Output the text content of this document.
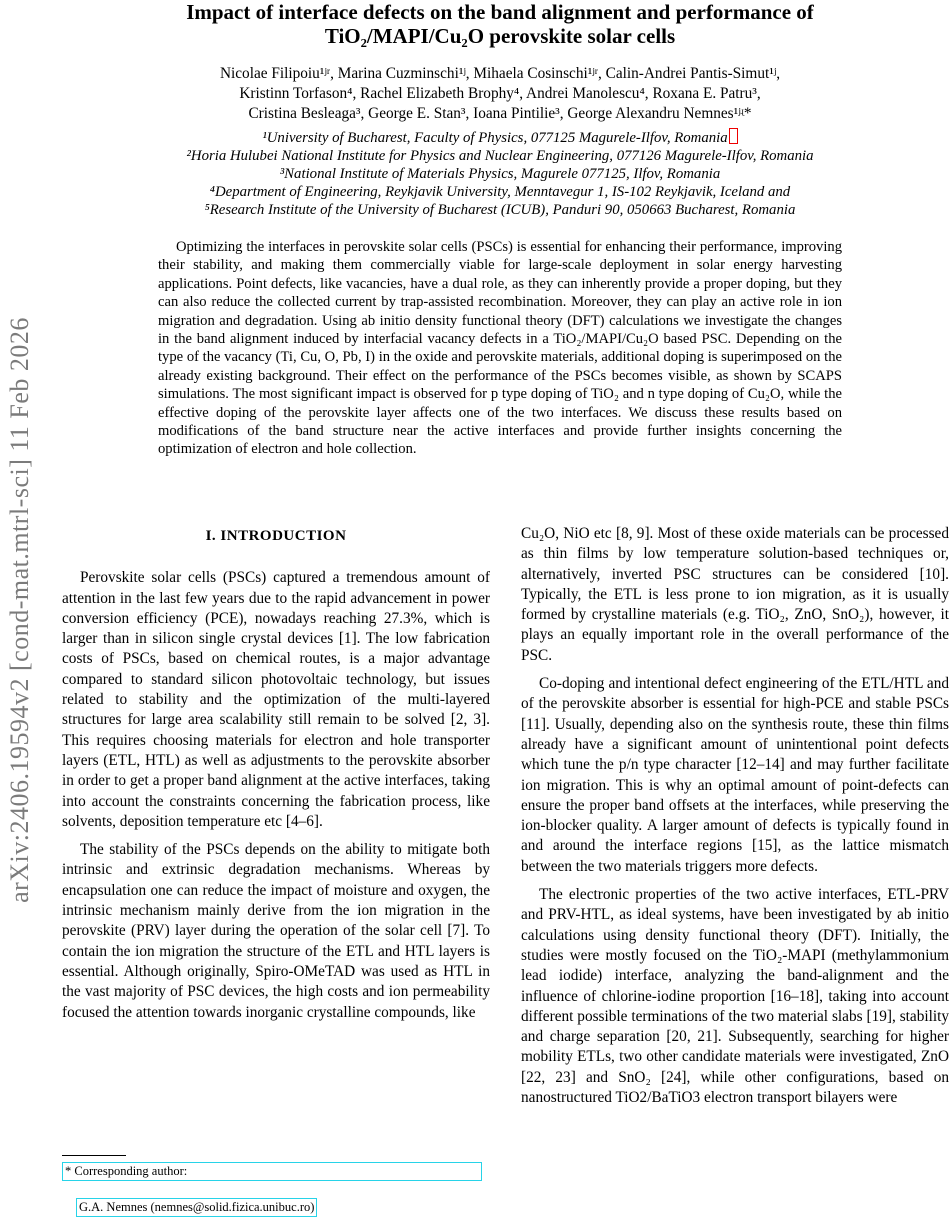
arXiv:2406.19594v2 [cond-mat.mtrl-sci] 11 Feb 2026
Impact of interface defects on the band alignment and performance of
TiO₂/MAPI/Cu₂O perovskite solar cells
Nicolae Filipoiu¹ʲʳ, Marina Cuzminschi¹ʲ, Mihaela Cosinschi¹ʲʳ, Calin-Andrei Pantis-Simut¹ʲ,
Kristinn Torfason⁴, Rachel Elizabeth Brophy⁴, Andrei Manolescu⁴, Roxana E. Patru³,
Cristina Besleaga³, George E. Stan³, Ioana Pintilie³, George Alexandru Nemnes¹ʲʵ*
¹University of Bucharest, Faculty of Physics, 077125 Magurele-Ilfov, Romania
²Horia Hulubei National Institute for Physics and Nuclear Engineering, 077126 Magurele-Ilfov, Romania
³National Institute of Materials Physics, Magurele 077125, Ilfov, Romania
⁴Department of Engineering, Reykjavik University, Menntavegur 1, IS-102 Reykjavik, Iceland and
⁵Research Institute of the University of Bucharest (ICUB), Panduri 90, 050663 Bucharest, Romania
Optimizing the interfaces in perovskite solar cells (PSCs) is essential for enhancing their performance, improving their stability, and making them commercially viable for large-scale deployment in solar energy harvesting applications. Point defects, like vacancies, have a dual role, as they can inherently provide a proper doping, but they can also reduce the collected current by trap-assisted recombination. Moreover, they can play an active role in ion migration and degradation. Using ab initio density functional theory (DFT) calculations we investigate the changes in the band alignment induced by interfacial vacancy defects in a TiO₂/MAPI/Cu₂O based PSC. Depending on the type of the vacancy (Ti, Cu, O, Pb, I) in the oxide and perovskite materials, additional doping is superimposed on the already existing background. Their effect on the performance of the PSCs becomes visible, as shown by SCAPS simulations. The most significant impact is observed for p type doping of TiO₂ and n type doping of Cu₂O, while the effective doping of the perovskite layer affects one of the two interfaces. We discuss these results based on modifications of the band structure near the active interfaces and provide further insights concerning the optimization of electron and hole collection.
I. INTRODUCTION

Perovskite solar cells (PSCs) captured a tremendous amount of attention in the last few years due to the rapid advancement in power conversion efficiency (PCE), nowadays reaching 27.3%, which is larger than in silicon single crystal devices [1]. The low fabrication costs of PSCs, based on chemical routes, is a major advantage compared to standard silicon photovoltaic technology, but issues related to stability and the optimization of the multi-layered structures for large area scalability still remain to be solved [2, 3]. This requires choosing materials for electron and hole transporter layers (ETL, HTL) as well as adjustments to the perovskite absorber in order to get a proper band alignment at the active interfaces, taking into account the constraints concerning the fabrication process, like solvents, deposition temperature etc [4–6].

The stability of the PSCs depends on the ability to mitigate both intrinsic and extrinsic degradation mechanisms. Whereas by encapsulation one can reduce the impact of moisture and oxygen, the intrinsic mechanism mainly derive from the ion migration in the perovskite (PRV) layer during the operation of the solar cell [7]. To contain the ion migration the structure of the ETL and HTL layers is essential. Although originally, Spiro-OMeTAD was used as HTL in the vast majority of PSC devices, the high costs and ion permeability focused the attention towards inorganic crystalline compounds, like

Cu₂O, NiO etc [8, 9]. Most of these oxide materials can be processed as thin films by low temperature solution-based techniques or, alternatively, inverted PSC structures can be considered [10]. Typically, the ETL is less prone to ion migration, as it is usually formed by crystalline materials (e.g. TiO₂, ZnO, SnO₂), however, it plays an equally important role in the overall performance of the PSC.

Co-doping and intentional defect engineering of the ETL/HTL and of the perovskite absorber is essential for high-PCE and stable PSCs [11]. Usually, depending also on the synthesis route, these thin films already have a significant amount of unintentional point defects which tune the p/n type character [12–14] and may further facilitate ion migration. This is why an optimal amount of point-defects can ensure the proper band offsets at the interfaces, while preserving the ion-blocker quality. A larger amount of defects is typically found in and around the interface regions [15], as the lattice mismatch between the two materials triggers more defects.

The electronic properties of the two active interfaces, ETL-PRV and PRV-HTL, as ideal systems, have been investigated by ab initio calculations using density functional theory (DFT). Initially, the studies were mostly focused on the TiO₂-MAPI (methylammonium lead iodide) interface, analyzing the band-alignment and the influence of chlorine-iodine proportion [16–18], taking into account different possible terminations of the two material slabs [19], stability and charge separation [20, 21]. Subsequently, searching for higher mobility ETLs, two other candidate materials were investigated, ZnO [22, 23] and SnO₂ [24], while other configurations, based on nanostructured TiO2/BaTiO3 electron transport bilayers were

* Corresponding author:

G.A. Nemnes (nemnes@solid.fizica.unibuc.ro)
